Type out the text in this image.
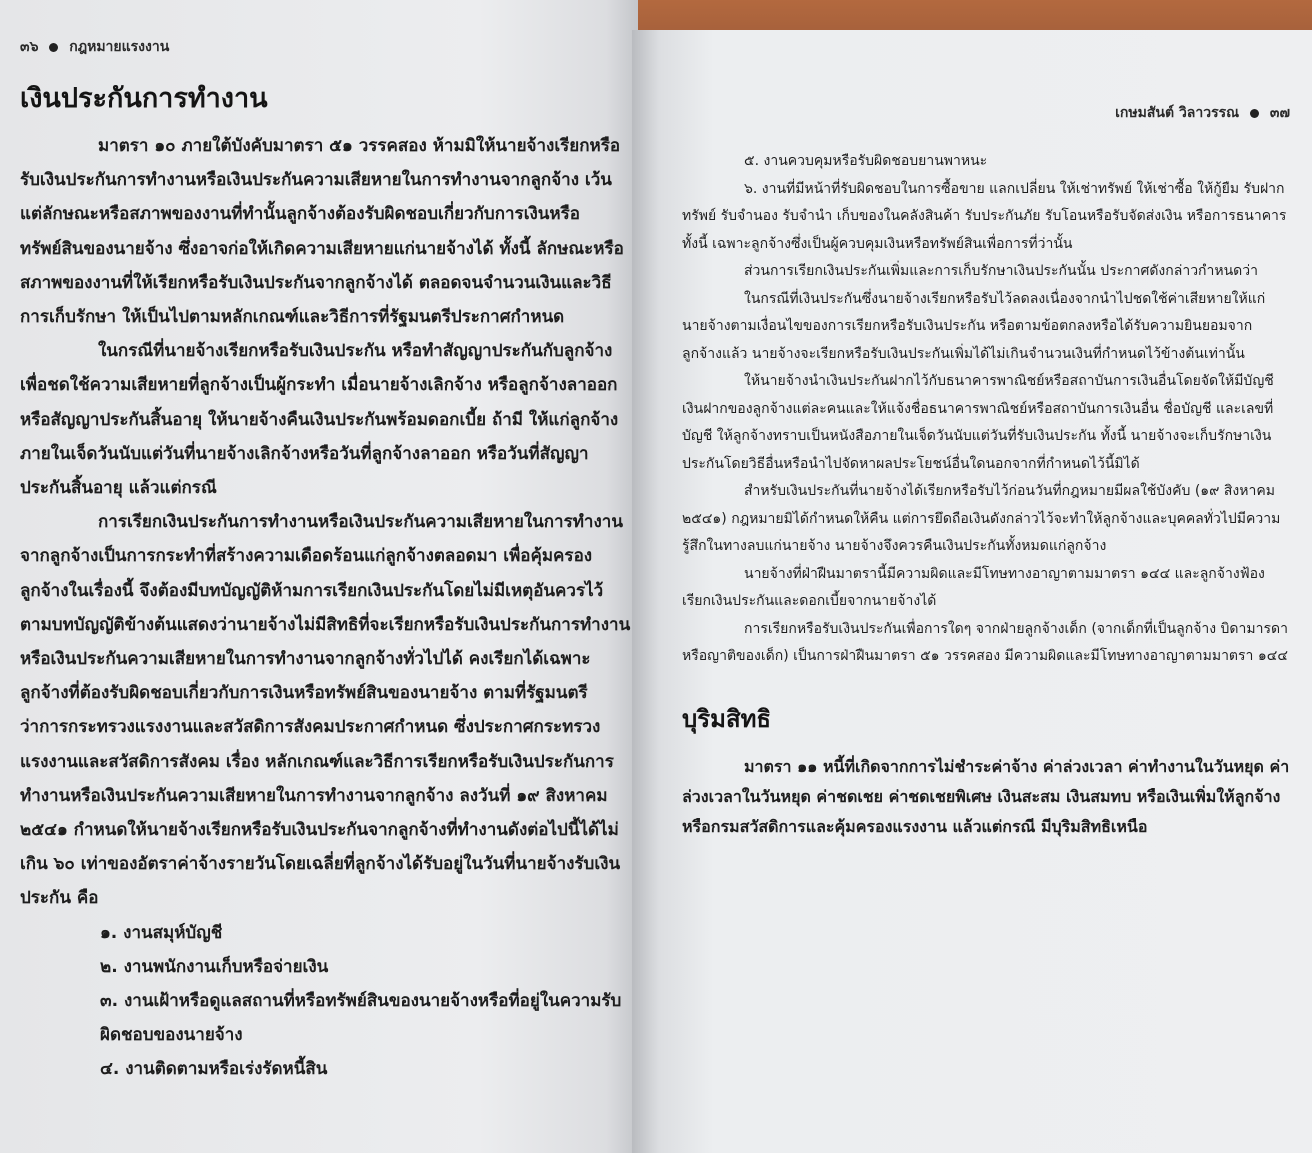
๓๖ กฎหมายแรงงาน
เงินประกันการทำงาน

มาตรา ๑๐ ภายใต้บังคับมาตรา ๕๑ วรรคสอง ห้ามมิให้นายจ้างเรียกหรือรับเงินประกันการทำงานหรือเงินประกันความเสียหายในการทำงานจากลูกจ้าง เว้นแต่ลักษณะหรือสภาพของงานที่ทำนั้นลูกจ้างต้องรับผิดชอบเกี่ยวกับการเงินหรือทรัพย์สินของนายจ้าง ซึ่งอาจก่อให้เกิดความเสียหายแก่นายจ้างได้ ทั้งนี้ ลักษณะหรือสภาพของงานที่ให้เรียกหรือรับเงินประกันจากลูกจ้างได้ ตลอดจนจำนวนเงินและวิธีการเก็บรักษา ให้เป็นไปตามหลักเกณฑ์และวิธีการที่รัฐมนตรีประกาศกำหนด

ในกรณีที่นายจ้างเรียกหรือรับเงินประกัน หรือทำสัญญาประกันกับลูกจ้างเพื่อชดใช้ความเสียหายที่ลูกจ้างเป็นผู้กระทำ เมื่อนายจ้างเลิกจ้าง หรือลูกจ้างลาออก หรือสัญญาประกันสิ้นอายุ ให้นายจ้างคืนเงินประกันพร้อมดอกเบี้ย ถ้ามี ให้แก่ลูกจ้างภายในเจ็ดวันนับแต่วันที่นายจ้างเลิกจ้างหรือวันที่ลูกจ้างลาออก หรือวันที่สัญญาประกันสิ้นอายุ แล้วแต่กรณี

การเรียกเงินประกันการทำงานหรือเงินประกันความเสียหายในการทำงานจากลูกจ้างเป็นการกระทำที่สร้างความเดือดร้อนแก่ลูกจ้างตลอดมา เพื่อคุ้มครองลูกจ้างในเรื่องนี้ จึงต้องมีบทบัญญัติห้ามการเรียกเงินประกันโดยไม่มีเหตุอันควรไว้ ตามบทบัญญัติข้างต้นแสดงว่านายจ้างไม่มีสิทธิที่จะเรียกหรือรับเงินประกันการทำงานหรือเงินประกันความเสียหายในการทำงานจากลูกจ้างทั่วไปได้ คงเรียกได้เฉพาะลูกจ้างที่ต้องรับผิดชอบเกี่ยวกับการเงินหรือทรัพย์สินของนายจ้าง ตามที่รัฐมนตรีว่าการกระทรวงแรงงานและสวัสดิการสังคมประกาศกำหนด ซึ่งประกาศกระทรวงแรงงานและสวัสดิการสังคม เรื่อง หลักเกณฑ์และวิธีการเรียกหรือรับเงินประกันการทำงานหรือเงินประกันความเสียหายในการทำงานจากลูกจ้าง ลงวันที่ ๑๙ สิงหาคม ๒๕๔๑ กำหนดให้นายจ้างเรียกหรือรับเงินประกันจากลูกจ้างที่ทำงานดังต่อไปนี้ได้ไม่เกิน ๖๐ เท่าของอัตราค่าจ้างรายวันโดยเฉลี่ยที่ลูกจ้างได้รับอยู่ในวันที่นายจ้างรับเงินประกัน คือ

๑. งานสมุห์บัญชี

๒. งานพนักงานเก็บหรือจ่ายเงิน

๓. งานเฝ้าหรือดูแลสถานที่หรือทรัพย์สินของนายจ้างหรือที่อยู่ในความรับผิดชอบของนายจ้าง

๔. งานติดตามหรือเร่งรัดหนี้สิน

เกษมสันต์ วิลาวรรณ ๓๗

๕. งานควบคุมหรือรับผิดชอบยานพาหนะ

๖. งานที่มีหน้าที่รับผิดชอบในการซื้อขาย แลกเปลี่ยน ให้เช่าทรัพย์ ให้เช่าซื้อ ให้กู้ยืม รับฝากทรัพย์ รับจำนอง รับจำนำ เก็บของในคลังสินค้า รับประกันภัย รับโอนหรือรับจัดส่งเงิน หรือการธนาคาร ทั้งนี้ เฉพาะลูกจ้างซึ่งเป็นผู้ควบคุมเงินหรือทรัพย์สินเพื่อการที่ว่านั้น

ส่วนการเรียกเงินประกันเพิ่มและการเก็บรักษาเงินประกันนั้น ประกาศดังกล่าวกำหนดว่า

ในกรณีที่เงินประกันซึ่งนายจ้างเรียกหรือรับไว้ลดลงเนื่องจากนำไปชดใช้ค่าเสียหายให้แก่นายจ้างตามเงื่อนไขของการเรียกหรือรับเงินประกัน หรือตามข้อตกลงหรือได้รับความยินยอมจากลูกจ้างแล้ว นายจ้างจะเรียกหรือรับเงินประกันเพิ่มได้ไม่เกินจำนวนเงินที่กำหนดไว้ข้างต้นเท่านั้น

ให้นายจ้างนำเงินประกันฝากไว้กับธนาคารพาณิชย์หรือสถาบันการเงินอื่นโดยจัดให้มีบัญชีเงินฝากของลูกจ้างแต่ละคนและให้แจ้งชื่อธนาคารพาณิชย์หรือสถาบันการเงินอื่น ชื่อบัญชี และเลขที่บัญชี ให้ลูกจ้างทราบเป็นหนังสือภายในเจ็ดวันนับแต่วันที่รับเงินประกัน ทั้งนี้ นายจ้างจะเก็บรักษาเงินประกันโดยวิธีอื่นหรือนำไปจัดหาผลประโยชน์อื่นใดนอกจากที่กำหนดไว้นี้มิได้

สำหรับเงินประกันที่นายจ้างได้เรียกหรือรับไว้ก่อนวันที่กฎหมายมีผลใช้บังคับ (๑๙ สิงหาคม ๒๕๔๑) กฎหมายมิได้กำหนดให้คืน แต่การยึดถือเงินดังกล่าวไว้จะทำให้ลูกจ้างและบุคคลทั่วไปมีความรู้สึกในทางลบแก่นายจ้าง นายจ้างจึงควรคืนเงินประกันทั้งหมดแก่ลูกจ้าง

นายจ้างที่ฝ่าฝืนมาตรานี้มีความผิดและมีโทษทางอาญาตามมาตรา ๑๔๔ และลูกจ้างฟ้องเรียกเงินประกันและดอกเบี้ยจากนายจ้างได้

การเรียกหรือรับเงินประกันเพื่อการใดๆ จากฝ่ายลูกจ้างเด็ก (จากเด็กที่เป็นลูกจ้าง บิดามารดา หรือญาติของเด็ก) เป็นการฝ่าฝืนมาตรา ๕๑ วรรคสอง มีความผิดและมีโทษทางอาญาตามมาตรา ๑๔๔

บุริมสิทธิ

มาตรา ๑๑ หนี้ที่เกิดจากการไม่ชำระค่าจ้าง ค่าล่วงเวลา ค่าทำงานในวันหยุด ค่าล่วงเวลาในวันหยุด ค่าชดเชย ค่าชดเชยพิเศษ เงินสะสม เงินสมทบ หรือเงินเพิ่มให้ลูกจ้างหรือกรมสวัสดิการและคุ้มครองแรงงาน แล้วแต่กรณี มีบุริมสิทธิเหนือ
